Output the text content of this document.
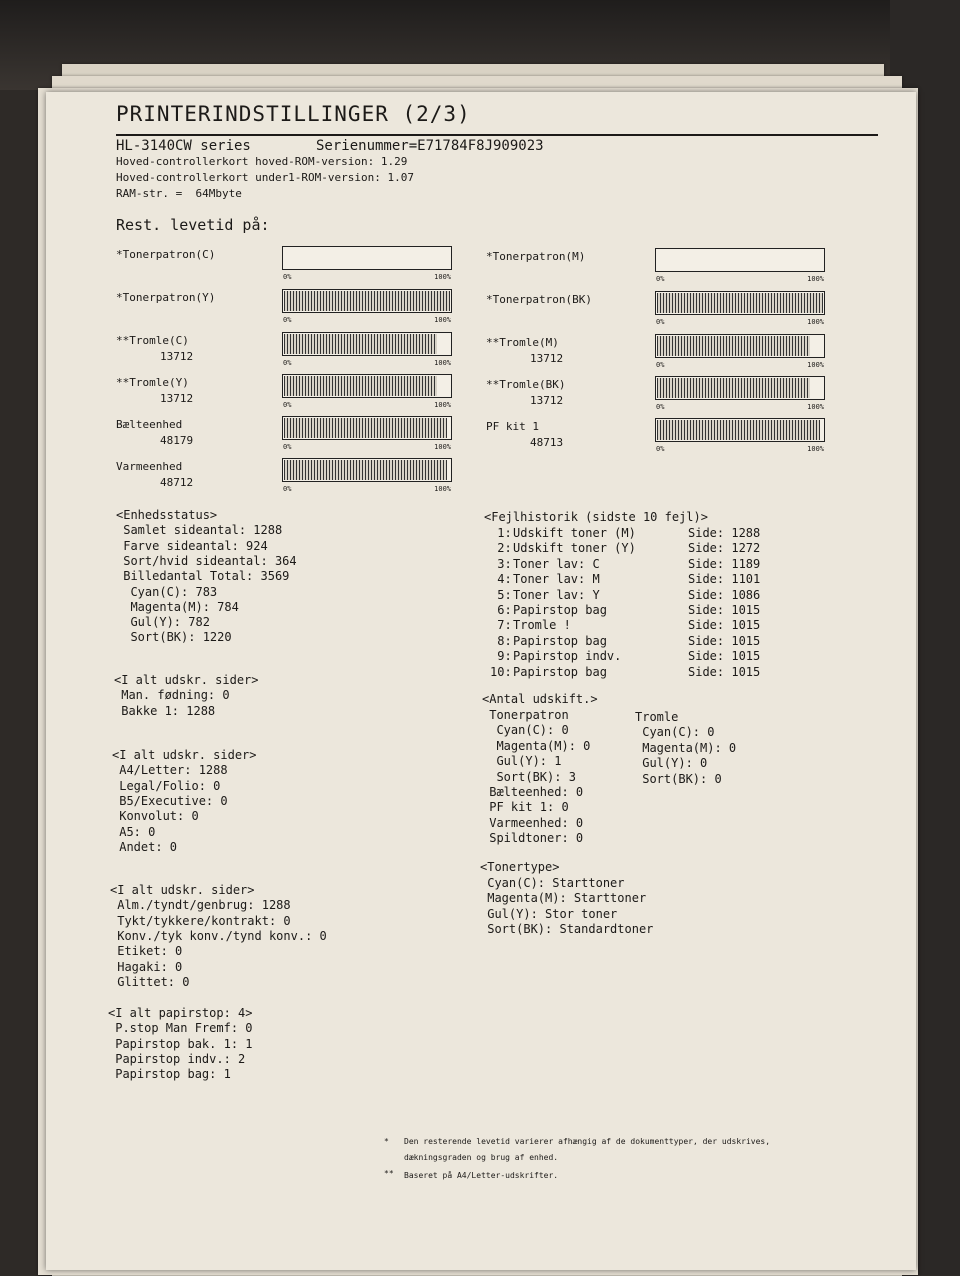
PRINTERINDSTILLINGER (2/3)
HL-3140CW series	Serienummer=E71784F8J909023
Hoved-controllerkort hoved-ROM-version: 1.29
Hoved-controllerkort under1-ROM-version: 1.07
RAM-str. =  64Mbyte
Rest. levetid på:
*Tonerpatron(C)
0%	100%
*Tonerpatron(M)
0%	100%
*Tonerpatron(Y)
0%	100%
*Tonerpatron(BK)
0%	100%
**Tromle(C)
13712	0%	100%
**Tromle(M)
13712	0%	100%
**Tromle(Y)
13712	0%	100%
**Tromle(BK)
13712	0%	100%
Bælteenhed
48179	0%	100%
PF kit 1
48713	0%	100%
Varmeenhed
48712	0%	100%
<Enhedsstatus>
Samlet sideantal: 1288
Farve sideantal: 924
Sort/hvid sideantal: 364
Billedantal Total: 3569
Cyan(C): 783
Magenta(M): 784
Gul(Y): 782
Sort(BK): 1220
<I alt udskr. sider>
Man. fødning: 0
Bakke 1: 1288
<I alt udskr. sider>
A4/Letter: 1288
Legal/Folio: 0
B5/Executive: 0
Konvolut: 0
A5: 0
Andet: 0
<I alt udskr. sider>
Alm./tyndt/genbrug: 1288
Tykt/tykkere/kontrakt: 0
Konv./tyk konv./tynd konv.: 0
Etiket: 0
Hagaki: 0
Glittet: 0
<I alt papirstop: 4>
P.stop Man Fremf: 0
Papirstop bak. 1: 1
Papirstop indv.: 2
Papirstop bag: 1
<Fejlhistorik (sidste 10 fejl)>
1: Udskift toner (M)	Side: 1288
2: Udskift toner (Y)	Side: 1272
3: Toner lav: C	Side: 1189
4: Toner lav: M	Side: 1101
5: Toner lav: Y	Side: 1086
6: Papirstop bag	Side: 1015
7: Tromle !	Side: 1015
8: Papirstop bag	Side: 1015
9: Papirstop indv.	Side: 1015
10: Papirstop bag	Side: 1015
<Antal udskift.>
Tonerpatron
Cyan(C): 0
Magenta(M): 0
Gul(Y): 1
Sort(BK): 3
Tromle
Cyan(C): 0
Magenta(M): 0
Gul(Y): 0
Sort(BK): 0
Bælteenhed: 0
PF kit 1: 0
Varmeenhed: 0
Spildtoner: 0
<Tonertype>
Cyan(C): Starttoner
Magenta(M): Starttoner
Gul(Y): Stor toner
Sort(BK): Standardtoner
* Den resterende levetid varierer afhængig af de dokumenttyper, der udskrives,
dækningsgraden og brug af enhed.
** Baseret på A4/Letter-udskrifter.
